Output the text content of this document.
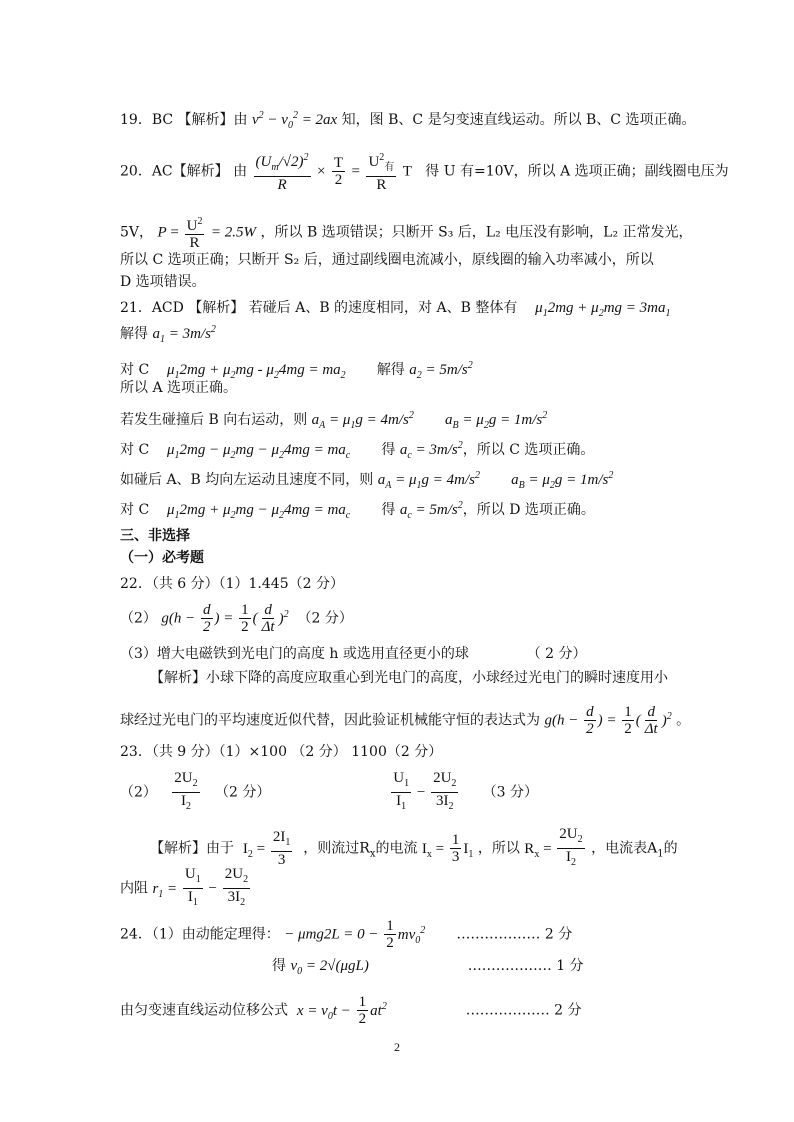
19．BC 【解析】由 $v^2 - v_0^2 = 2ax$ 知，图 B、C 是匀变速直线运动。所以 B、C 选项正确。
20．AC【解析】 由 $\frac{(U_m/√2)^2}{R} \times \frac{T}{2} = \frac{U^2_有}{R}$ T 得 U 有=10V，所以 A 选项正确；副线圈电压为
5V， $P = \frac{U^2}{R} = 2.5W$ ，所以 B 选项错误；只断开 S₃ 后，L₂ 电压没有影响，L₂ 正常发光，
所以 C 选项正确；只断开 S₂ 后，通过副线圈电流减小，原线圈的输入功率减小，所以
D 选项错误。
21．ACD 【解析】 若碰后 A、B 的速度相同，对 A、B 整体有 $\mu_12mg + \mu_2mg = 3ma_1$
解得 $a_1 = 3m/s^2$
对 C $\mu_12mg + \mu_2mg - \mu_24mg = ma_2$ 解得 $a_2 = 5m/s^2$
所以 A 选项正确。
若发生碰撞后 B 向右运动，则 $a_A = \mu_1g = 4m/s^2$ $a_B = \mu_2g = 1m/s^2$
对 C $\mu_12mg - \mu_2mg - \mu_24mg = ma_c$ 得 $a_c = 3m/s^2$，所以 C 选项正确。
如碰后 A、B 均向左运动且速度不同，则 $a_A = \mu_1g = 4m/s^2$ $a_B = \mu_2g = 1m/s^2$
对 C $\mu_12mg + \mu_2mg - \mu_24mg = ma_c$ 得 $a_c = 5m/s^2$，所以 D 选项正确。
三、非选择
（一）必考题
22．（共 6 分）（1）1.445（2 分）
（2） $g(h - \frac{d}{2}$ ) = $\frac{1}{2}$ ( $\frac{d}{\Delta t} )^2$ （2 分）
（3）增大电磁铁到光电门的高度 h 或选用直径更小的球	（ 2 分）
【解析】小球下降的高度应取重心到光电门的高度，小球经过光电门的瞬时速度用小
球经过光电门的平均速度近似代替，因此验证机械能守恒的表达式为 $g(h - \frac{d}{2}$ ) = $\frac{1}{2}$ ( $\frac{d}{\Delta t} )^2$ 。
23．（共 9 分）（1）×100 （2 分） 1100（2 分）
$(2) \frac{2U_2}{I_2} (2$ 分）	$\frac{U_1}{I_1} - \frac{2U_2}{3I_2} (3$ 分）
【解析】由于 $I_2 = \frac{2I_1}{3}$ ，则流过$R_x$的电流 $I_x = \frac{1}{3} I_1$ ，所以 $R_x = \frac{2U_2}{I_2}$ ，电流表$A_1$的
内阻 $r_1 = \frac{U_1}{I_1} - \frac{2U_2}{3I_2}$
24．（1）由动能定理得： − $\mu mg2L = 0 - \frac{1}{2} mv_0^2$ ……………… 2 分
得 $v_0 = 2√(\mu gL)$	……………… 1 分
由匀变速直线运动位移公式 $x = v_0t - \frac{1}{2} at^2$	……………… 2 分
2
